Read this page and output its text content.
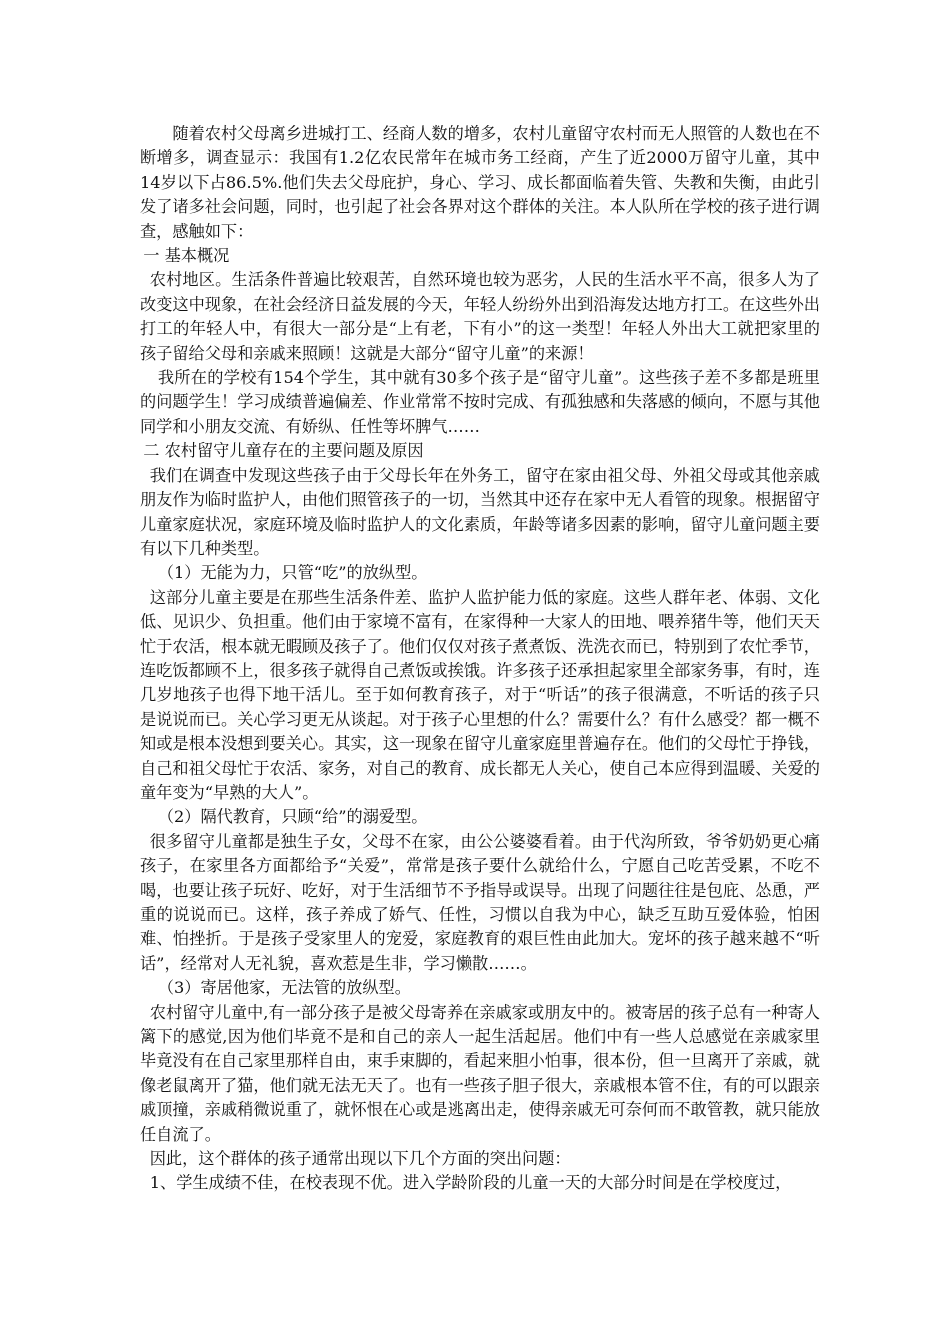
随着农村父母离乡进城打工、经商人数的增多，农村儿童留守农村而无人照管的人数也在不断增多，调查显示：我国有1.2亿农民常年在城市务工经商，产生了近2000万留守儿童，其中14岁以下占86.5%.他们失去父母庇护，身心、学习、成长都面临着失管、失教和失衡，由此引发了诸多社会问题，同时，也引起了社会各界对这个群体的关注。本人队所在学校的孩子进行调查，感触如下：

一 基本概况

农村地区。生活条件普遍比较艰苦，自然环境也较为恶劣，人民的生活水平不高，很多人为了改变这中现象，在社会经济日益发展的今天，年轻人纷纷外出到沿海发达地方打工。在这些外出打工的年轻人中，有很大一部分是“上有老，下有小”的这一类型！年轻人外出大工就把家里的孩子留给父母和亲戚来照顾！这就是大部分“留守儿童”的来源！

我所在的学校有154个学生，其中就有30多个孩子是“留守儿童”。这些孩子差不多都是班里的问题学生！学习成绩普遍偏差、作业常常不按时完成、有孤独感和失落感的倾向，不愿与其他同学和小朋友交流、有娇纵、任性等坏脾气……

二 农村留守儿童存在的主要问题及原因

我们在调查中发现这些孩子由于父母长年在外务工，留守在家由祖父母、外祖父母或其他亲戚朋友作为临时监护人，由他们照管孩子的一切，当然其中还存在家中无人看管的现象。根据留守儿童家庭状况，家庭环境及临时监护人的文化素质，年龄等诸多因素的影响，留守儿童问题主要有以下几种类型。

（1）无能为力，只管“吃”的放纵型。

这部分儿童主要是在那些生活条件差、监护人监护能力低的家庭。这些人群年老、体弱、文化低、见识少、负担重。他们由于家境不富有，在家得种一大家人的田地、喂养猪牛等，他们天天忙于农活，根本就无暇顾及孩子了。他们仅仅对孩子煮煮饭、洗洗衣而已，特别到了农忙季节，连吃饭都顾不上，很多孩子就得自己煮饭或挨饿。许多孩子还承担起家里全部家务事，有时，连几岁地孩子也得下地干活儿。至于如何教育孩子，对于“听话”的孩子很满意，不听话的孩子只是说说而已。关心学习更无从谈起。对于孩子心里想的什么？需要什么？有什么感受？都一概不知或是根本没想到要关心。其实，这一现象在留守儿童家庭里普遍存在。他们的父母忙于挣钱，自己和祖父母忙于农活、家务，对自己的教育、成长都无人关心，使自己本应得到温暖、关爱的童年变为“早熟的大人”。

（2）隔代教育，只顾“给”的溺爱型。

很多留守儿童都是独生子女，父母不在家，由公公婆婆看着。由于代沟所致，爷爷奶奶更心痛孩子，在家里各方面都给予“关爱”，常常是孩子要什么就给什么，宁愿自己吃苦受累，不吃不喝，也要让孩子玩好、吃好，对于生活细节不予指导或误导。出现了问题往往是包庇、怂恿，严重的说说而已。这样，孩子养成了娇气、任性，习惯以自我为中心，缺乏互助互爱体验，怕困难、怕挫折。于是孩子受家里人的宠爱，家庭教育的艰巨性由此加大。宠坏的孩子越来越不“听话”，经常对人无礼貌，喜欢惹是生非，学习懒散……。

（3）寄居他家，无法管的放纵型。

农村留守儿童中,有一部分孩子是被父母寄养在亲戚家或朋友中的。被寄居的孩子总有一种寄人篱下的感觉,因为他们毕竟不是和自己的亲人一起生活起居。他们中有一些人总感觉在亲戚家里毕竟没有在自己家里那样自由，束手束脚的，看起来胆小怕事，很本份，但一旦离开了亲戚，就像老鼠离开了猫，他们就无法无天了。也有一些孩子胆子很大，亲戚根本管不住，有的可以跟亲戚顶撞，亲戚稍微说重了，就怀恨在心或是逃离出走，使得亲戚无可奈何而不敢管教，就只能放任自流了。

因此，这个群体的孩子通常出现以下几个方面的突出问题：

1、学生成绩不佳，在校表现不优。进入学龄阶段的儿童一天的大部分时间是在学校度过，
